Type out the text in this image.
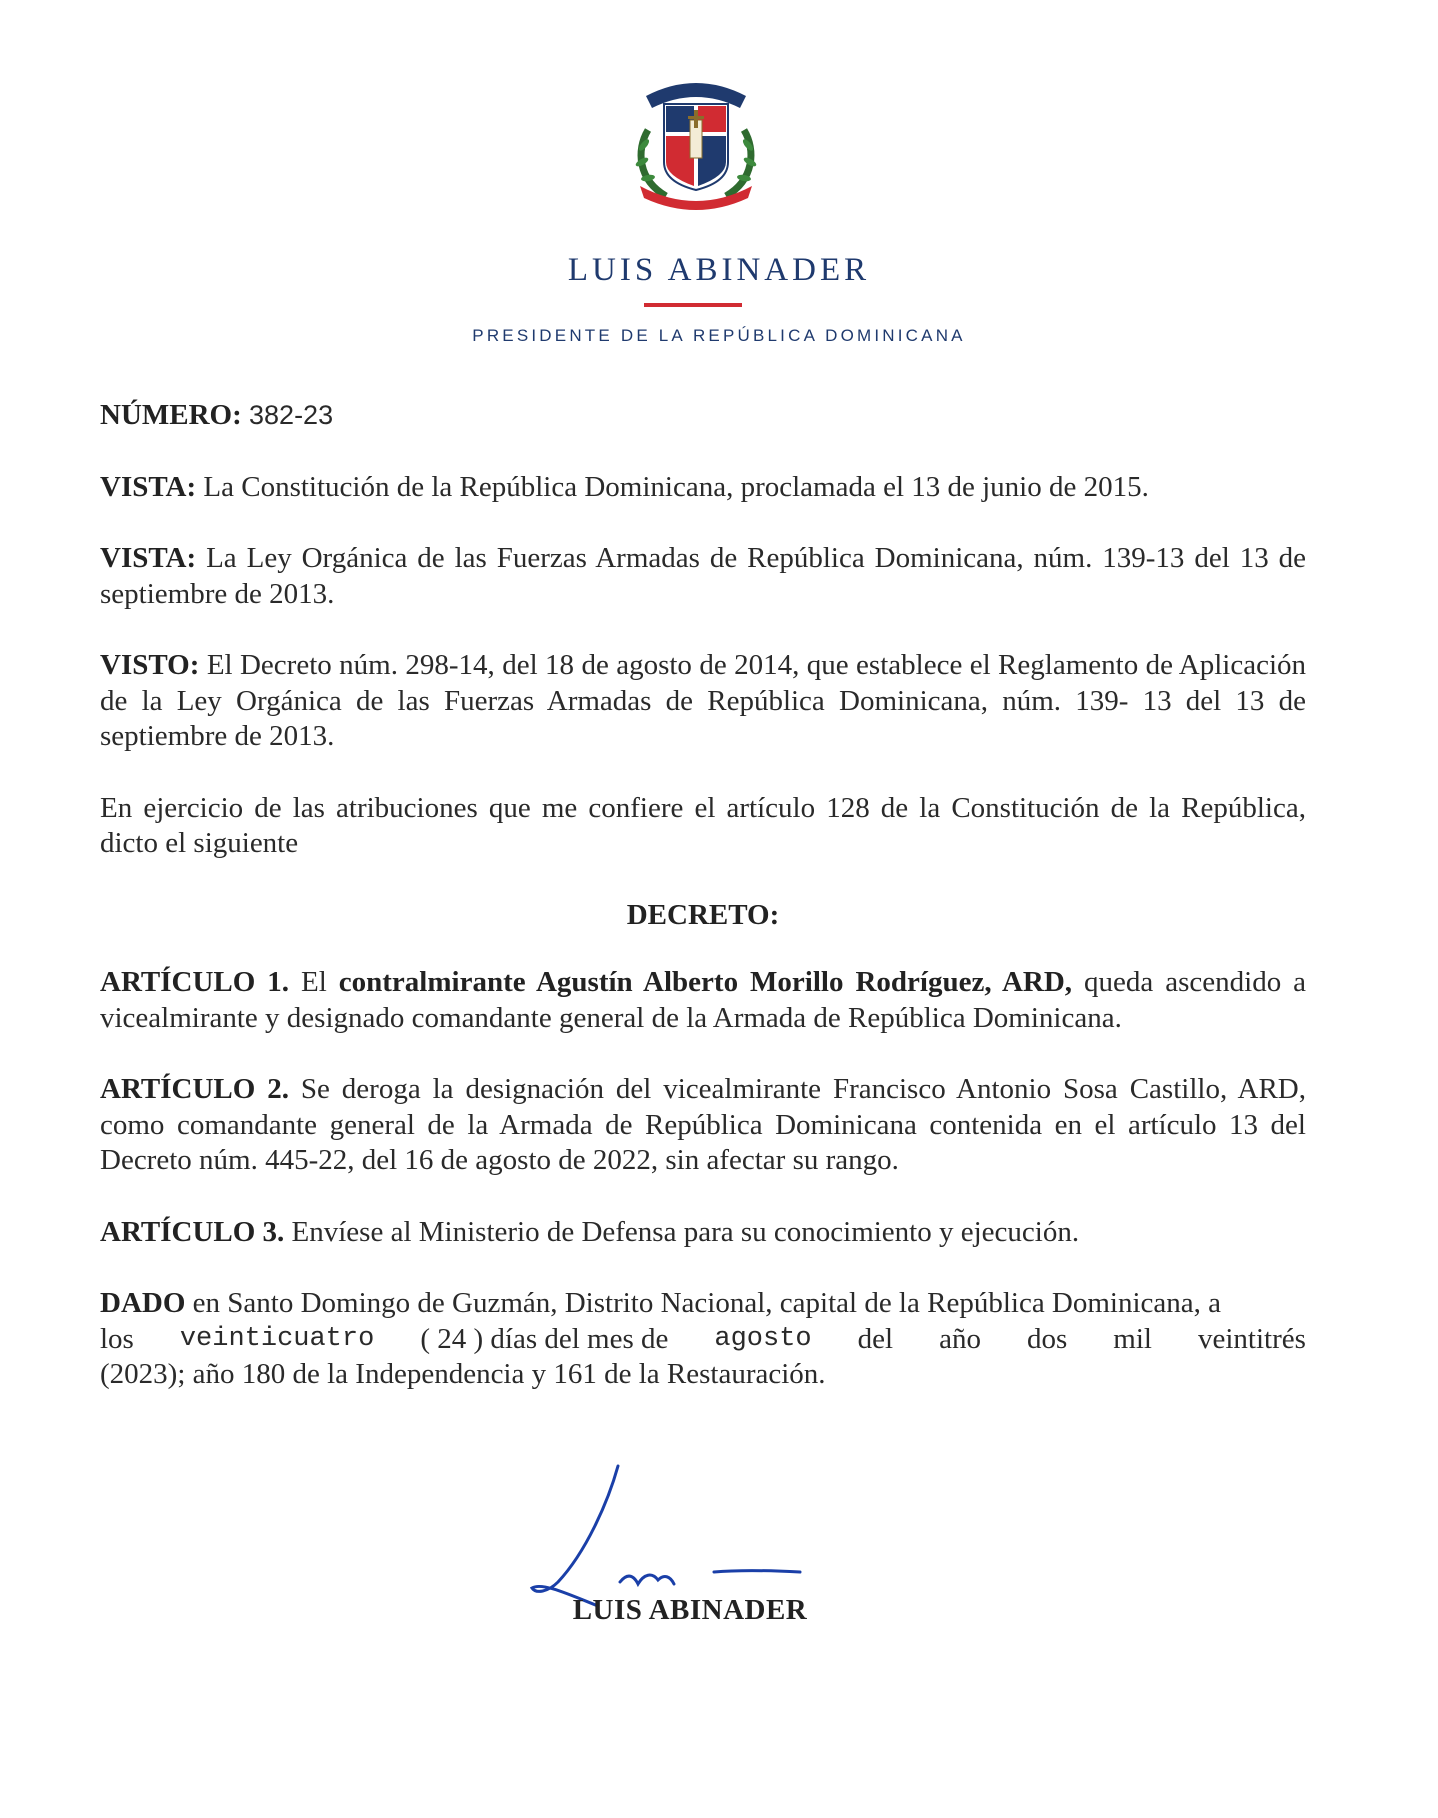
LUIS ABINADER
PRESIDENTE DE LA REPÚBLICA DOMINICANA

NÚMERO: 382-23

VISTA: La Constitución de la República Dominicana, proclamada el 13 de junio de 2015.

VISTA: La Ley Orgánica de las Fuerzas Armadas de República Dominicana, núm. 139-13 del 13 de septiembre de 2013.

VISTO: El Decreto núm. 298-14, del 18 de agosto de 2014, que establece el Reglamento de Aplicación de la Ley Orgánica de las Fuerzas Armadas de República Dominicana, núm. 139- 13 del 13 de septiembre de 2013.

En ejercicio de las atribuciones que me confiere el artículo 128 de la Constitución de la República, dicto el siguiente

DECRETO:

ARTÍCULO 1. El contralmirante Agustín Alberto Morillo Rodríguez, ARD, queda ascendido a vicealmirante y designado comandante general de la Armada de República Dominicana.

ARTÍCULO 2. Se deroga la designación del vicealmirante Francisco Antonio Sosa Castillo, ARD, como comandante general de la Armada de República Dominicana contenida en el artículo 13 del Decreto núm. 445-22, del 16 de agosto de 2022, sin afectar su rango.

ARTÍCULO 3. Envíese al Ministerio de Defensa para su conocimiento y ejecución.

DADO en Santo Domingo de Guzmán, Distrito Nacional, capital de la República Dominicana, a
los veinticuatro ( 24 ) días del mes de agosto del año dos mil veintitrés
(2023); año 180 de la Independencia y 161 de la Restauración.
LUIS ABINADER
